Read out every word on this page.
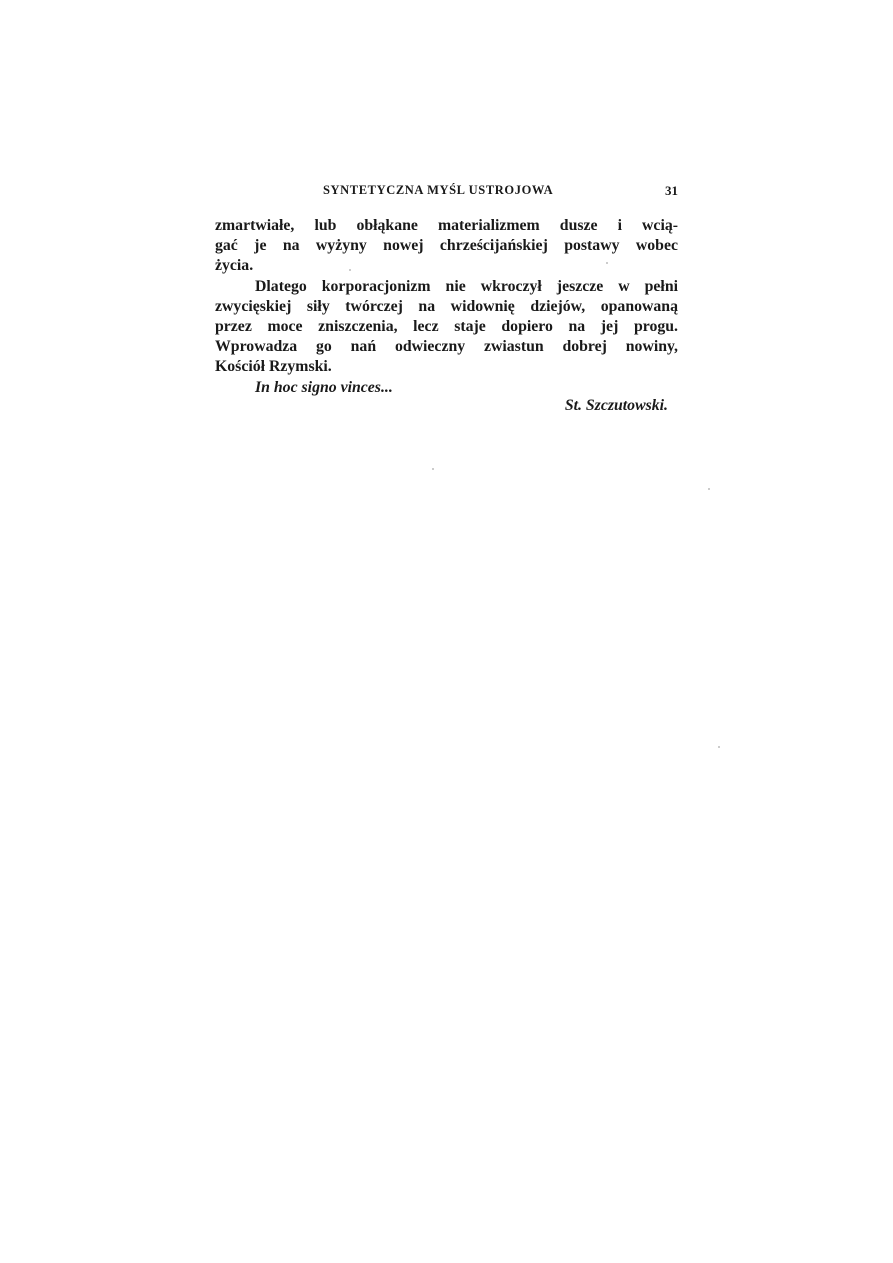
SYNTETYCZNA MYŚL USTROJOWA	31
zmartwiałe, lub obłąkane materializmem dusze i wcią-
gać je na wyżyny nowej chrześcijańskiej postawy wobec
życia.
Dlatego korporacjonizm nie wkroczył jeszcze w pełni
zwycięskiej siły twórczej na widownię dziejów, opanowaną
przez moce zniszczenia, lecz staje dopiero na jej progu.
Wprowadza go nań odwieczny zwiastun dobrej nowiny,
Kościół Rzymski.
In hoc signo vinces...
St. Szczutowski.
